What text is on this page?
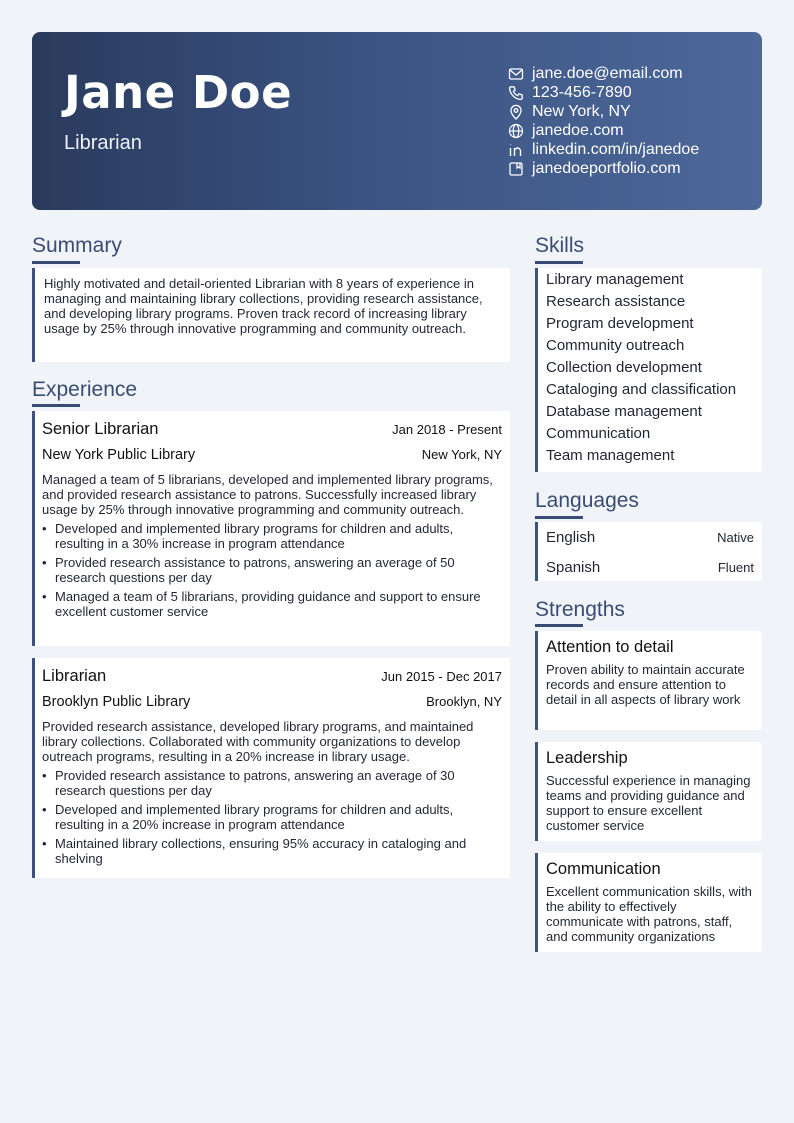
Jane Doe
Librarian
jane.doe@email.com
123-456-7890
New York, NY
janedoe.com
linkedin.com/in/janedoe
janedoeportfolio.com
Summary
Highly motivated and detail-oriented Librarian with 8 years of experience in managing and maintaining library collections, providing research assistance, and developing library programs. Proven track record of increasing library usage by 25% through innovative programming and community outreach.
Experience
Senior Librarian	Jan 2018 - Present
New York Public Library	New York, NY
Managed a team of 5 librarians, developed and implemented library programs, and provided research assistance to patrons. Successfully increased library usage by 25% through innovative programming and community outreach.
• Developed and implemented library programs for children and adults, resulting in a 30% increase in program attendance
• Provided research assistance to patrons, answering an average of 50 research questions per day
• Managed a team of 5 librarians, providing guidance and support to ensure excellent customer service
Librarian	Jun 2015 - Dec 2017
Brooklyn Public Library	Brooklyn, NY
Provided research assistance, developed library programs, and maintained library collections. Collaborated with community organizations to develop outreach programs, resulting in a 20% increase in library usage.
• Provided research assistance to patrons, answering an average of 30 research questions per day
• Developed and implemented library programs for children and adults, resulting in a 20% increase in program attendance
• Maintained library collections, ensuring 95% accuracy in cataloging and shelving
Skills
Library management
Research assistance
Program development
Community outreach
Collection development
Cataloging and classification
Database management
Communication
Team management
Languages
English	Native
Spanish	Fluent
Strengths
Attention to detail
Proven ability to maintain accurate records and ensure attention to detail in all aspects of library work
Leadership
Successful experience in managing teams and providing guidance and support to ensure excellent customer service
Communication
Excellent communication skills, with the ability to effectively communicate with patrons, staff, and community organizations
